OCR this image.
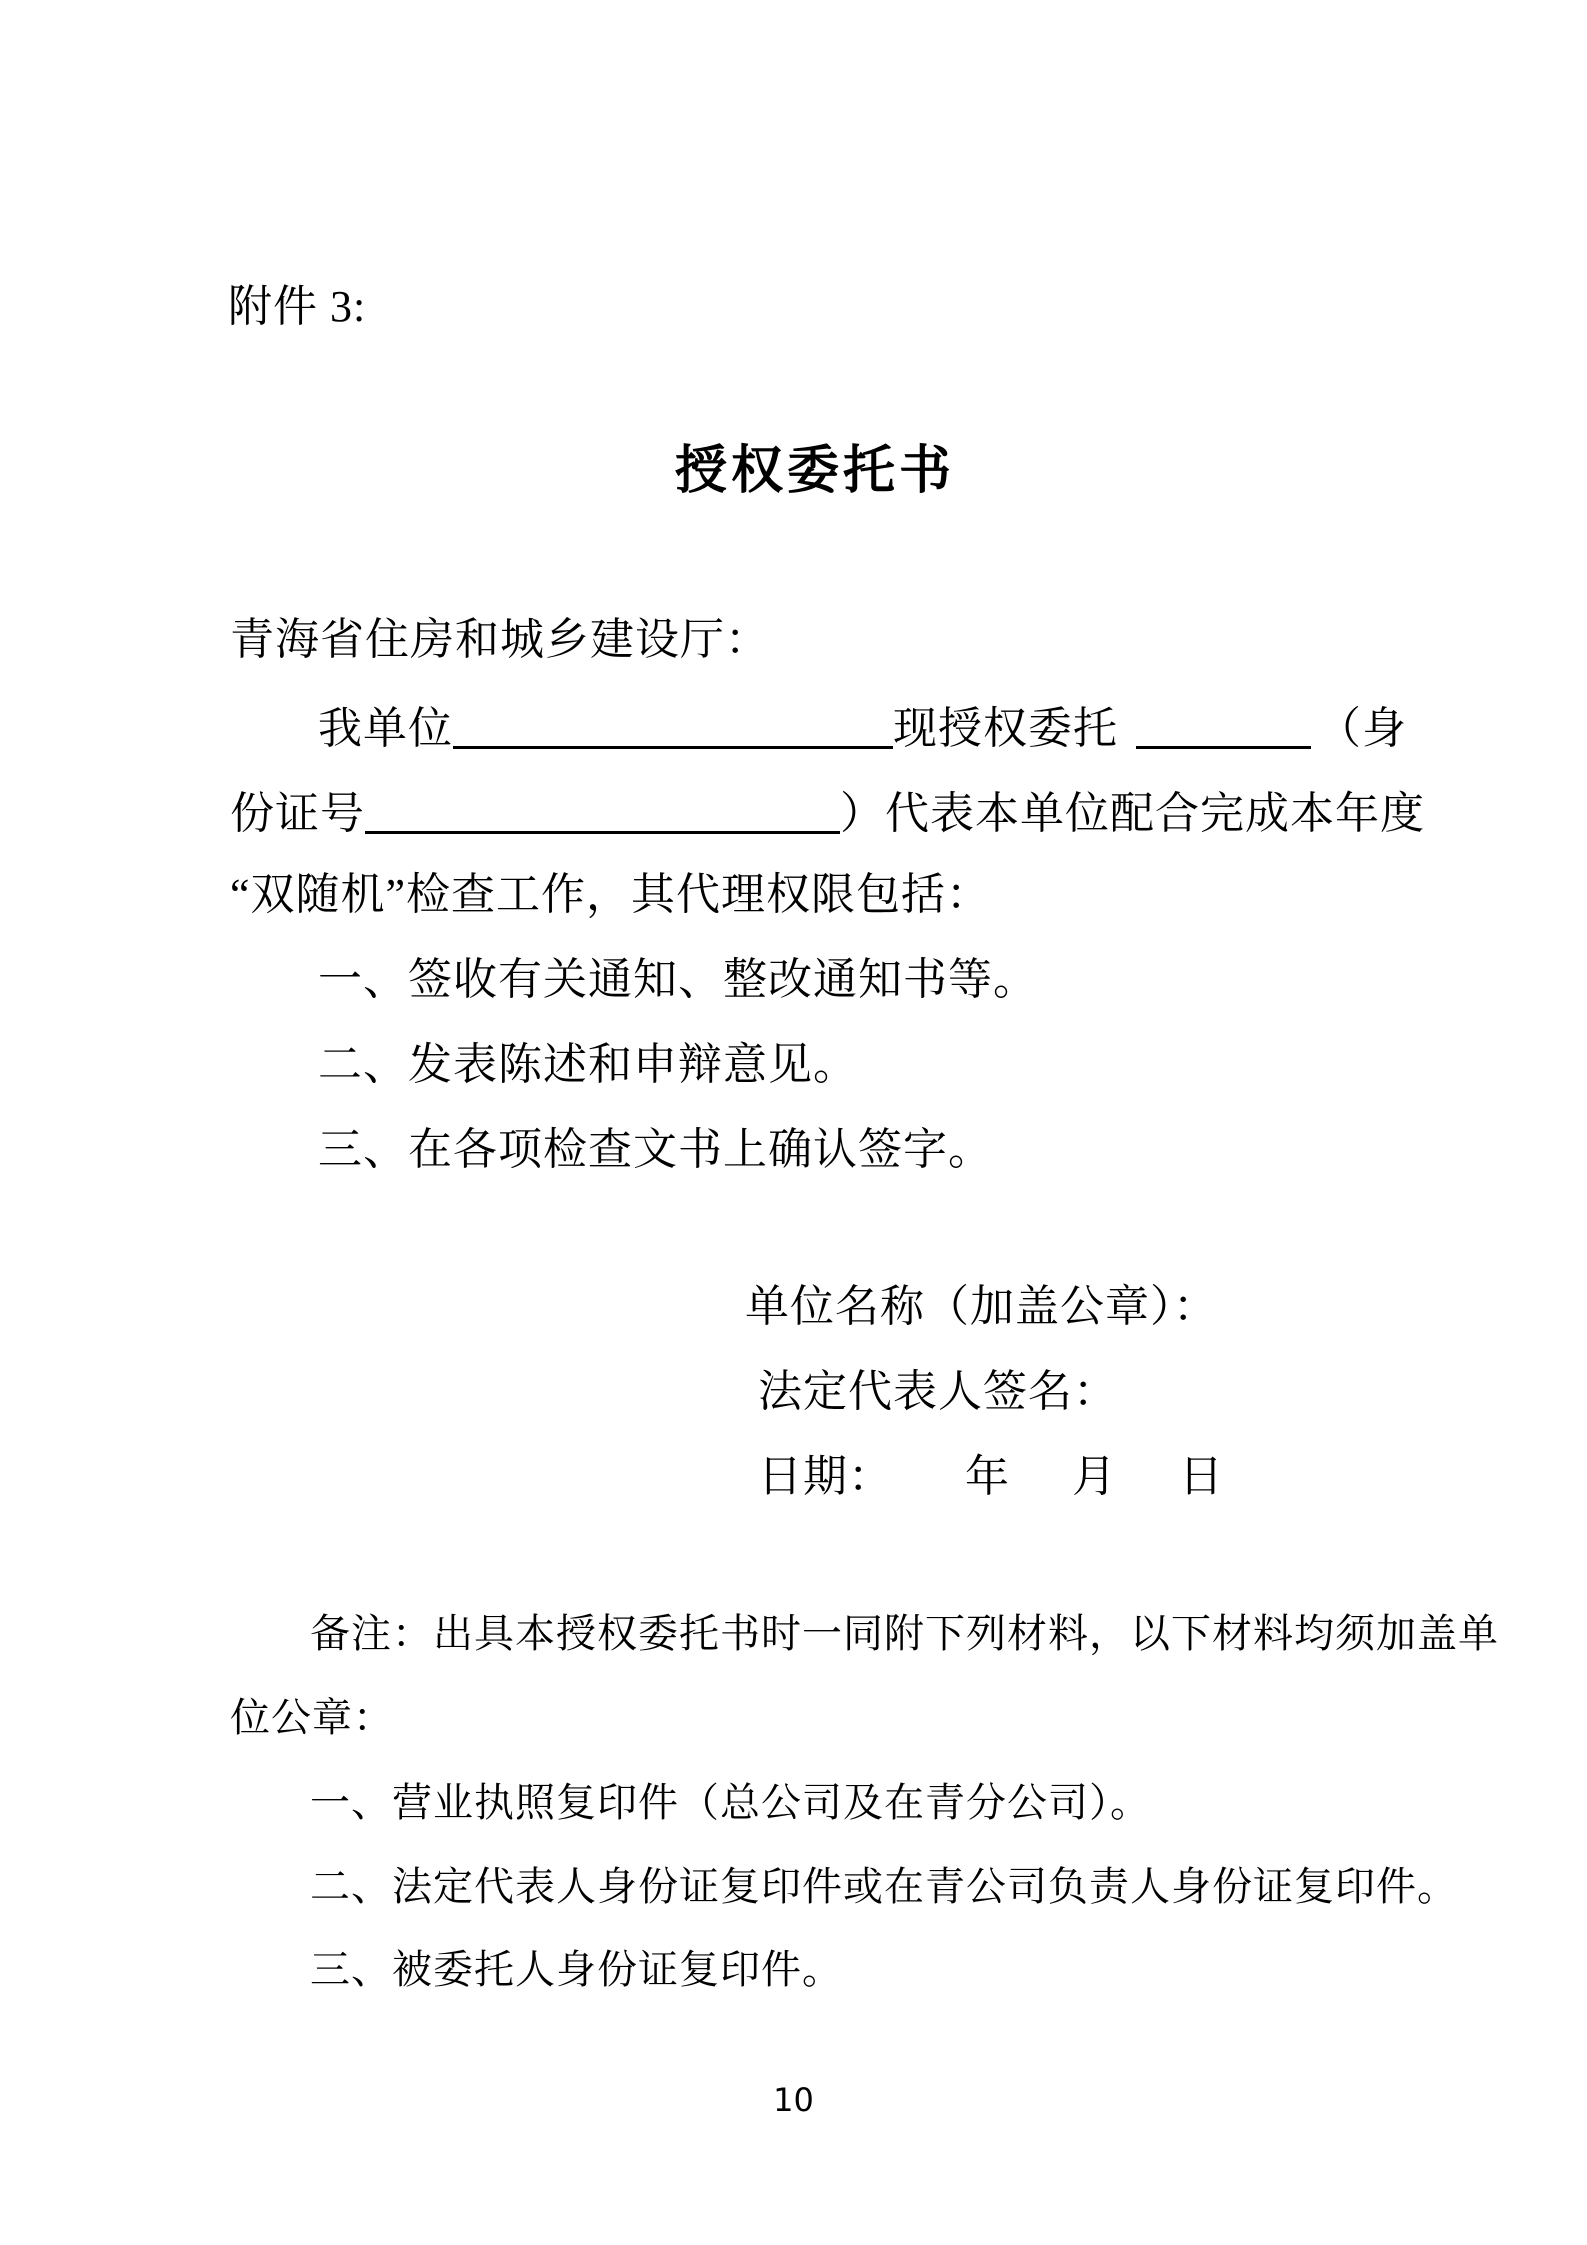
附件 3:
授权委托书
青海省住房和城乡建设厅：
我单位	现授权委托	（身
份证号	）代表本单位配合完成本年度
“双随机”检查工作，其代理权限包括：
一、签收有关通知、整改通知书等。
二、发表陈述和申辩意见。
三、在各项检查文书上确认签字。
单位名称（加盖公章）：
法定代表人签名：
日期： 年 月 日
备注：出具本授权委托书时一同附下列材料，以下材料均须加盖单
位公章：
一、营业执照复印件（总公司及在青分公司）。
二、法定代表人身份证复印件或在青公司负责人身份证复印件。
三、被委托人身份证复印件。
10
